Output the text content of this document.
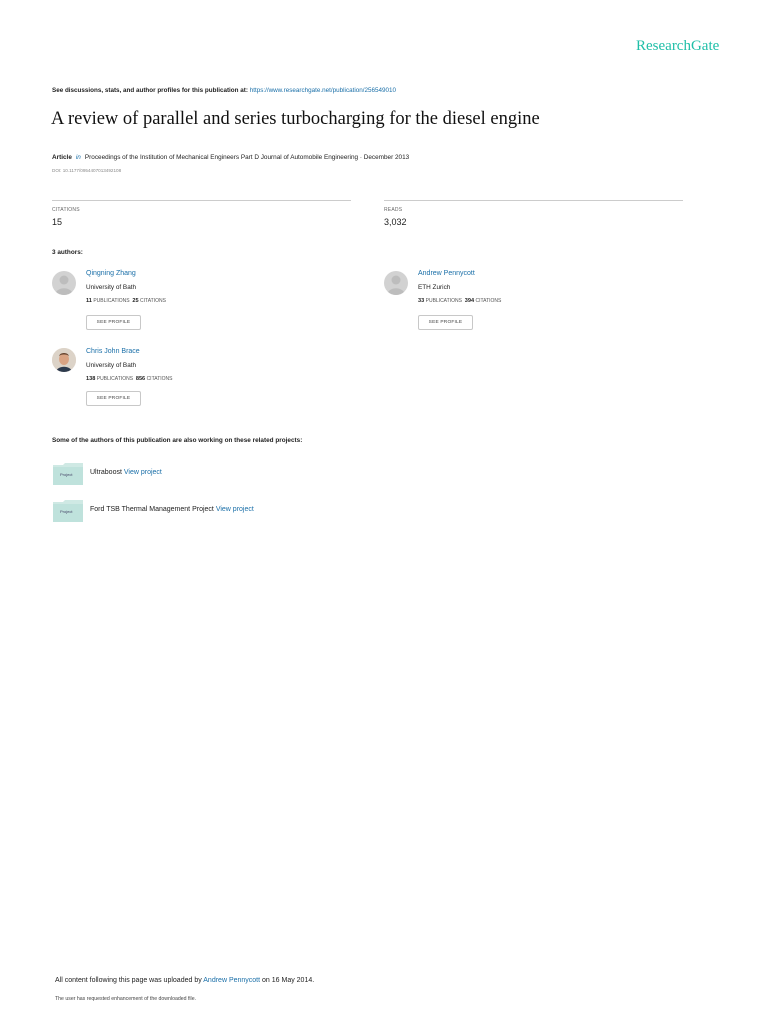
ResearchGate
See discussions, stats, and author profiles for this publication at: https://www.researchgate.net/publication/256549010
A review of parallel and series turbocharging for the diesel engine
Article in Proceedings of the Institution of Mechanical Engineers Part D Journal of Automobile Engineering · December 2013
DOI: 10.1177/0954407013492108
CITATIONS
15
READS
3,032
3 authors:
Qingning Zhang
University of Bath
11 PUBLICATIONS 25 CITATIONS
SEE PROFILE
Andrew Pennycott
ETH Zurich
33 PUBLICATIONS 394 CITATIONS
SEE PROFILE
Chris John Brace
University of Bath
138 PUBLICATIONS 856 CITATIONS
SEE PROFILE
Some of the authors of this publication are also working on these related projects:
Project	Ultraboost View project
Project	Ford TSB Thermal Management Project View project
All content following this page was uploaded by Andrew Pennycott on 16 May 2014.
The user has requested enhancement of the downloaded file.
